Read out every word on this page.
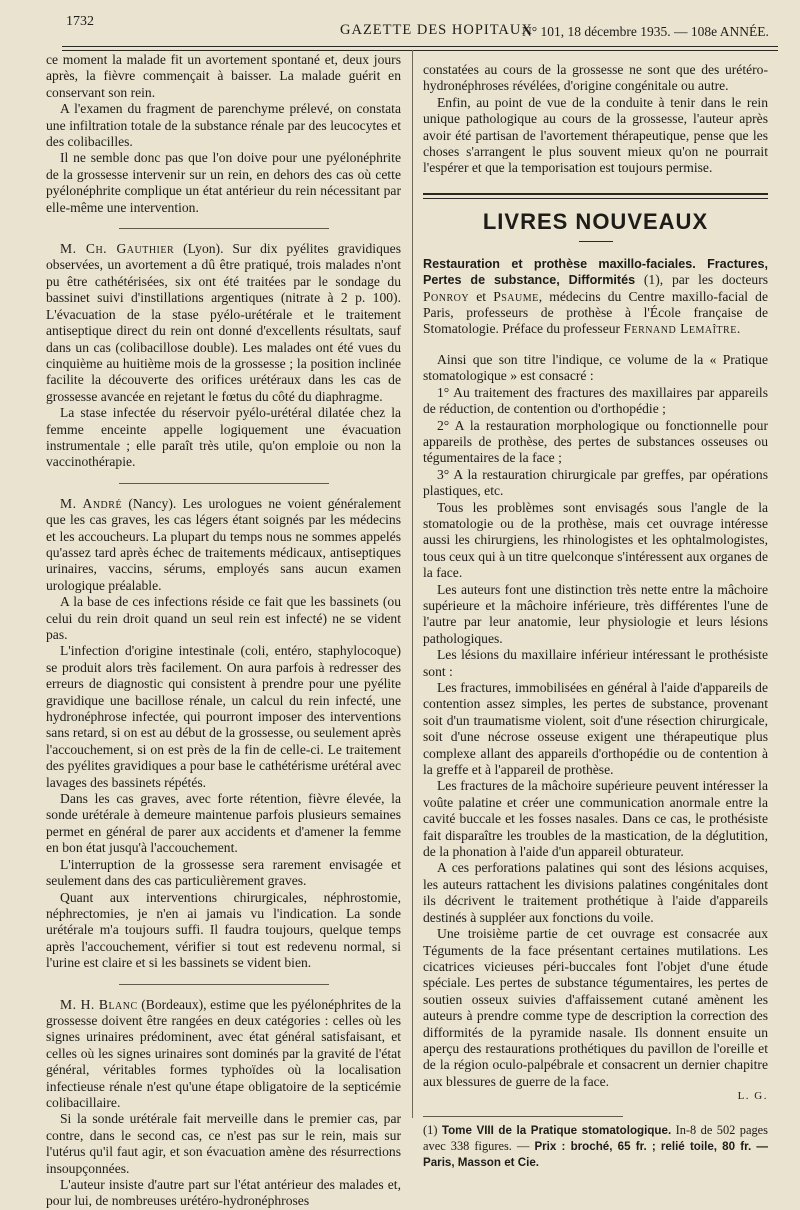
1732
GAZETTE DES HOPITAUX
N° 101, 18 décembre 1935. — 108e ANNÉE.

ce moment la malade fit un avortement spontané et, deux jours après, la fièvre commençait à baisser. La malade guérit en conservant son rein.

A l'examen du fragment de parenchyme prélevé, on constata une infiltration totale de la substance rénale par des leucocytes et des colibacilles.

Il ne semble donc pas que l'on doive pour une pyélonéphrite de la grossesse intervenir sur un rein, en dehors des cas où cette pyélonéphrite complique un état antérieur du rein nécessitant par elle-même une intervention.

M. Ch. Gauthier (Lyon). Sur dix pyélites gravidiques observées, un avortement a dû être pratiqué, trois malades n'ont pu être cathétérisées, six ont été traitées par le sondage du bassinet suivi d'instillations argentiques (nitrate à 2 p. 100). L'évacuation de la stase pyélo-urétérale et le traitement antiseptique direct du rein ont donné d'excellents résultats, sauf dans un cas (colibacillose double). Les malades ont été vues du cinquième au huitième mois de la grossesse ; la position inclinée facilite la découverte des orifices urétéraux dans les cas de grossesse avancée en rejetant le fœtus du côté du diaphragme.

La stase infectée du réservoir pyélo-urétéral dilatée chez la femme enceinte appelle logiquement une évacuation instrumentale ; elle paraît très utile, qu'on emploie ou non la vaccinothérapie.

M. André (Nancy). Les urologues ne voient généralement que les cas graves, les cas légers étant soignés par les médecins et les accoucheurs. La plupart du temps nous ne sommes appelés qu'assez tard après échec de traitements médicaux, antiseptiques urinaires, vaccins, sérums, employés sans aucun examen urologique préalable.

A la base de ces infections réside ce fait que les bassinets (ou celui du rein droit quand un seul rein est infecté) ne se vident pas.

L'infection d'origine intestinale (coli, entéro, staphylocoque) se produit alors très facilement. On aura parfois à redresser des erreurs de diagnostic qui consistent à prendre pour une pyélite gravidique une bacillose rénale, un calcul du rein infecté, une hydronéphrose infectée, qui pourront imposer des interventions sans retard, si on est au début de la grossesse, ou seulement après l'accouchement, si on est près de la fin de celle-ci. Le traitement des pyélites gravidiques a pour base le cathétérisme urétéral avec lavages des bassinets répétés.

Dans les cas graves, avec forte rétention, fièvre élevée, la sonde urétérale à demeure maintenue parfois plusieurs semaines permet en général de parer aux accidents et d'amener la femme en bon état jusqu'à l'accouchement.

L'interruption de la grossesse sera rarement envisagée et seulement dans des cas particulièrement graves.

Quant aux interventions chirurgicales, néphrostomie, néphrectomies, je n'en ai jamais vu l'indication. La sonde urétérale m'a toujours suffi. Il faudra toujours, quelque temps après l'accouchement, vérifier si tout est redevenu normal, si l'urine est claire et si les bassinets se vident bien.

M. H. Blanc (Bordeaux), estime que les pyélonéphrites de la grossesse doivent être rangées en deux catégories : celles où les signes urinaires prédominent, avec état général satisfaisant, et celles où les signes urinaires sont dominés par la gravité de l'état général, véritables formes typhoïdes où la localisation infectieuse rénale n'est qu'une étape obligatoire de la septicémie colibacillaire.

Si la sonde urétérale fait merveille dans le premier cas, par contre, dans le second cas, ce n'est pas sur le rein, mais sur l'utérus qu'il faut agir, et son évacuation amène des résurrections insoupçonnées.

L'auteur insiste d'autre part sur l'état antérieur des malades et, pour lui, de nombreuses urétéro-hydronéphroses

constatées au cours de la grossesse ne sont que des urétéro-hydronéphroses révélées, d'origine congénitale ou autre.

Enfin, au point de vue de la conduite à tenir dans le rein unique pathologique au cours de la grossesse, l'auteur après avoir été partisan de l'avortement thérapeutique, pense que les choses s'arrangent le plus souvent mieux qu'on ne pourrait l'espérer et que la temporisation est toujours permise.

LIVRES NOUVEAUX
Restauration et prothèse maxillo-faciales. Fractures, Pertes de substance, Difformités (1), par les docteurs Ponroy et Psaume, médecins du Centre maxillo-facial de Paris, professeurs de prothèse à l'École française de Stomatologie. Préface du professeur Fernand Lemaître.

Ainsi que son titre l'indique, ce volume de la « Pratique stomatologique » est consacré :

1° Au traitement des fractures des maxillaires par appareils de réduction, de contention ou d'orthopédie ;

2° A la restauration morphologique ou fonctionnelle pour appareils de prothèse, des pertes de substances osseuses ou tégumentaires de la face ;

3° A la restauration chirurgicale par greffes, par opérations plastiques, etc.

Tous les problèmes sont envisagés sous l'angle de la stomatologie ou de la prothèse, mais cet ouvrage intéresse aussi les chirurgiens, les rhinologistes et les ophtalmologistes, tous ceux qui à un titre quelconque s'intéressent aux organes de la face.

Les auteurs font une distinction très nette entre la mâchoire supérieure et la mâchoire inférieure, très différentes l'une de l'autre par leur anatomie, leur physiologie et leurs lésions pathologiques.

Les lésions du maxillaire inférieur intéressant le prothésiste sont :

Les fractures, immobilisées en général à l'aide d'appareils de contention assez simples, les pertes de substance, provenant soit d'un traumatisme violent, soit d'une résection chirurgicale, soit d'une nécrose osseuse exigent une thérapeutique plus complexe allant des appareils d'orthopédie ou de contention à la greffe et à l'appareil de prothèse.

Les fractures de la mâchoire supérieure peuvent intéresser la voûte palatine et créer une communication anormale entre la cavité buccale et les fosses nasales. Dans ce cas, le prothésiste fait disparaître les troubles de la mastication, de la déglutition, de la phonation à l'aide d'un appareil obturateur.

A ces perforations palatines qui sont des lésions acquises, les auteurs rattachent les divisions palatines congénitales dont ils décrivent le traitement prothétique à l'aide d'appareils destinés à suppléer aux fonctions du voile.

Une troisième partie de cet ouvrage est consacrée aux Téguments de la face présentant certaines mutilations. Les cicatrices vicieuses péri-buccales font l'objet d'une étude spéciale. Les pertes de substance tégumentaires, les pertes de soutien osseux suivies d'affaissement cutané amènent les auteurs à prendre comme type de description la correction des difformités de la pyramide nasale. Ils donnent ensuite un aperçu des restaurations prothétiques du pavillon de l'oreille et de la région oculo-palpébrale et consacrent un dernier chapitre aux blessures de guerre de la face.

L. G.

(1) Tome VIII de la Pratique stomatologique. In-8 de 502 pages avec 338 figures. — Prix : broché, 65 fr. ; relié toile, 80 fr. — Paris, Masson et Cie.
